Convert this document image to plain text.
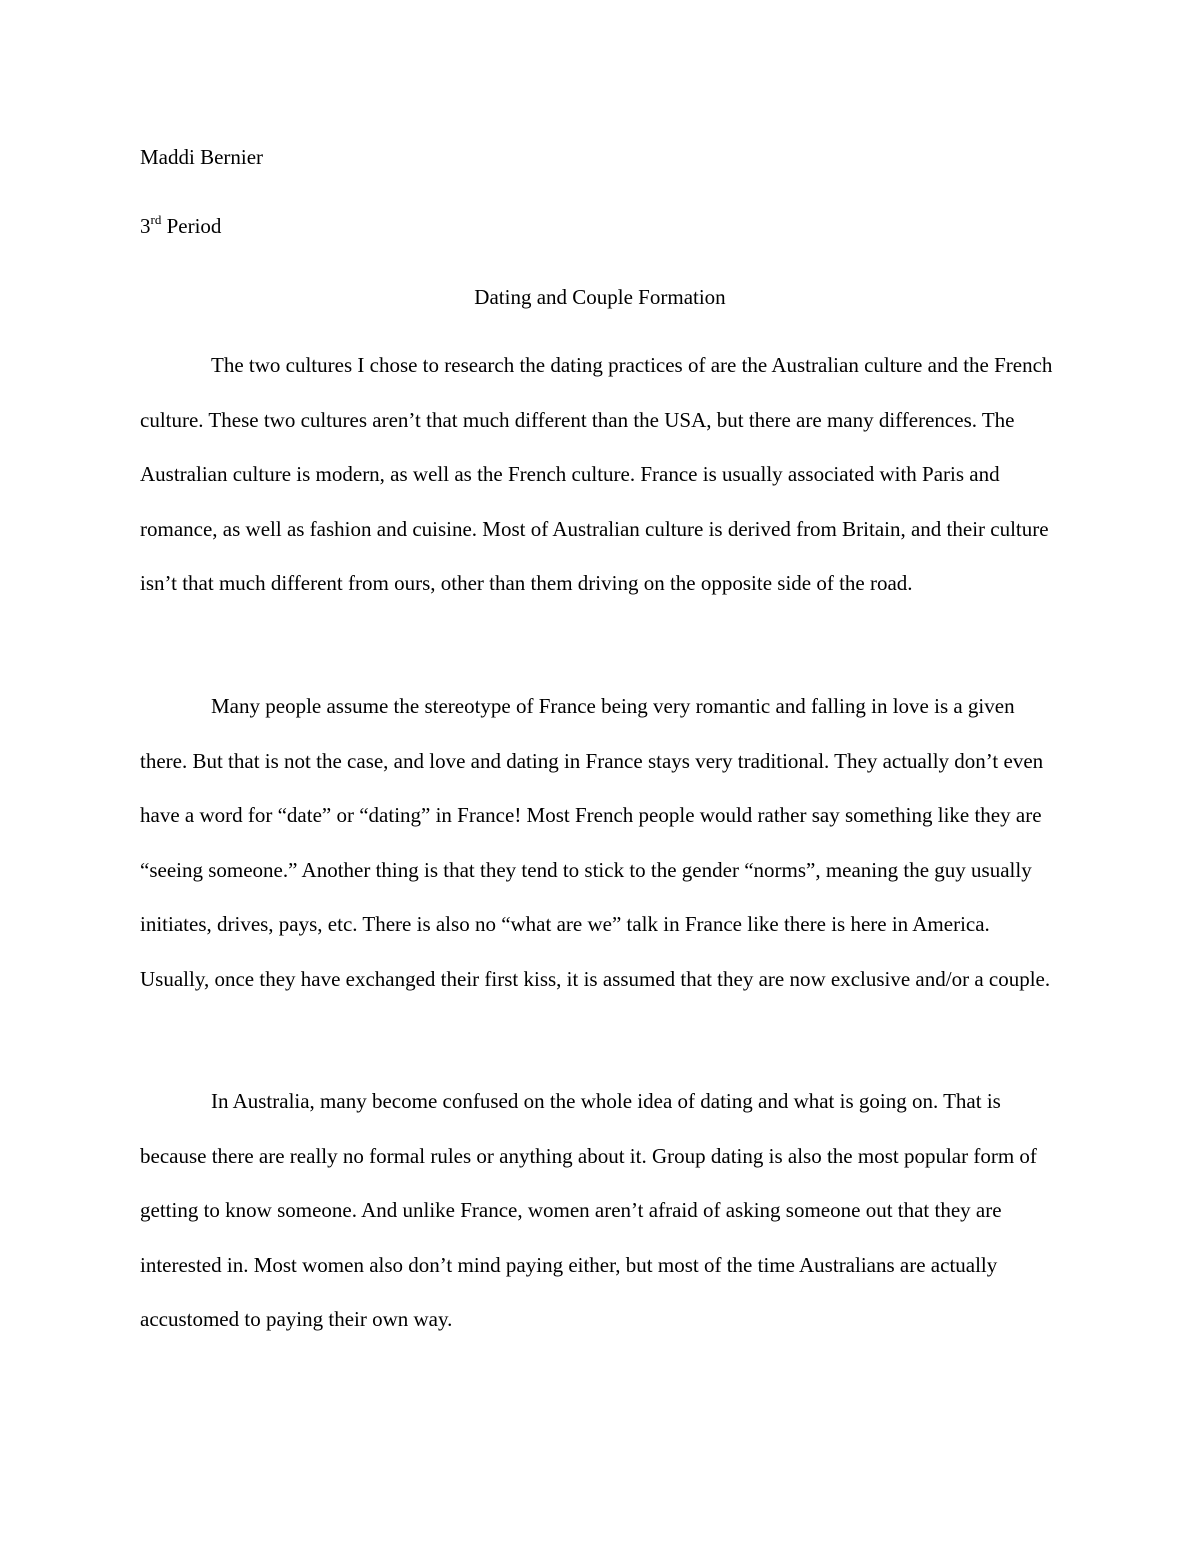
Maddi Bernier
3rd Period
Dating and Couple Formation

The two cultures I chose to research the dating practices of are the Australian culture and the French culture. These two cultures aren’t that much different than the USA, but there are many differences. The Australian culture is modern, as well as the French culture. France is usually associated with Paris and romance, as well as fashion and cuisine. Most of Australian culture is derived from Britain, and their culture isn’t that much different from ours, other than them driving on the opposite side of the road.

Many people assume the stereotype of France being very romantic and falling in love is a given there. But that is not the case, and love and dating in France stays very traditional. They actually don’t even have a word for “date” or “dating” in France! Most French people would rather say something like they are “seeing someone.” Another thing is that they tend to stick to the gender “norms”, meaning the guy usually initiates, drives, pays, etc. There is also no “what are we” talk in France like there is here in America. Usually, once they have exchanged their first kiss, it is assumed that they are now exclusive and/or a couple.

In Australia, many become confused on the whole idea of dating and what is going on. That is because there are really no formal rules or anything about it. Group dating is also the most popular form of getting to know someone. And unlike France, women aren’t afraid of asking someone out that they are interested in. Most women also don’t mind paying either, but most of the time Australians are actually accustomed to paying their own way.
